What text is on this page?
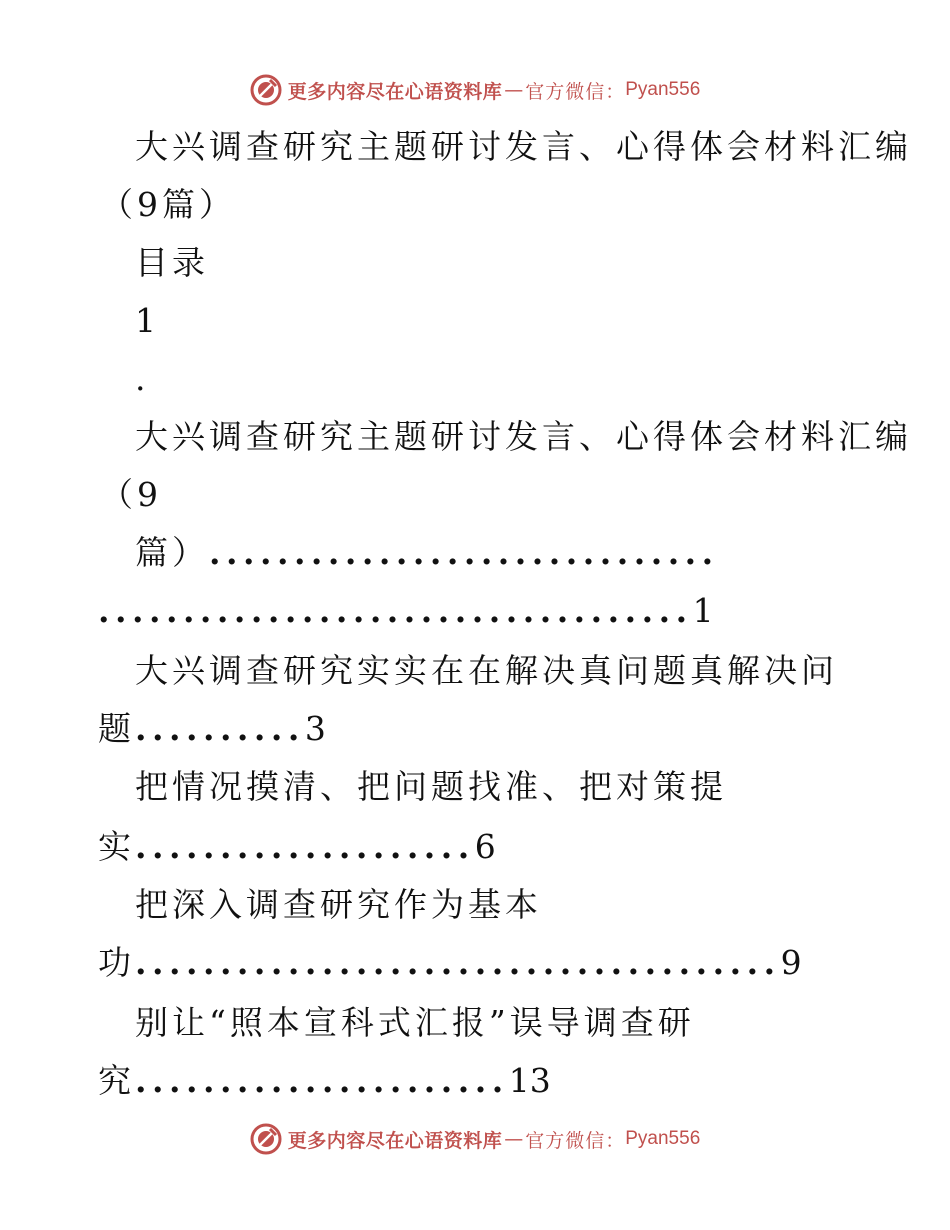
更多内容尽在心语资料库 — 官方微信： Pyan556
大兴调查研究主题研讨发言、心得体会材料汇编
（9篇）
目录
1
.
大兴调查研究主题研讨发言、心得体会材料汇编
（9
篇）..............................
...................................1
大兴调查研究实实在在解决真问题真解决问
题..........3
把情况摸清、把问题找准、把对策提
实....................6
把深入调查研究作为基本
功......................................9
别让“照本宣科式汇报”误导调查研
究......................13
更多内容尽在心语资料库 — 官方微信： Pyan556
